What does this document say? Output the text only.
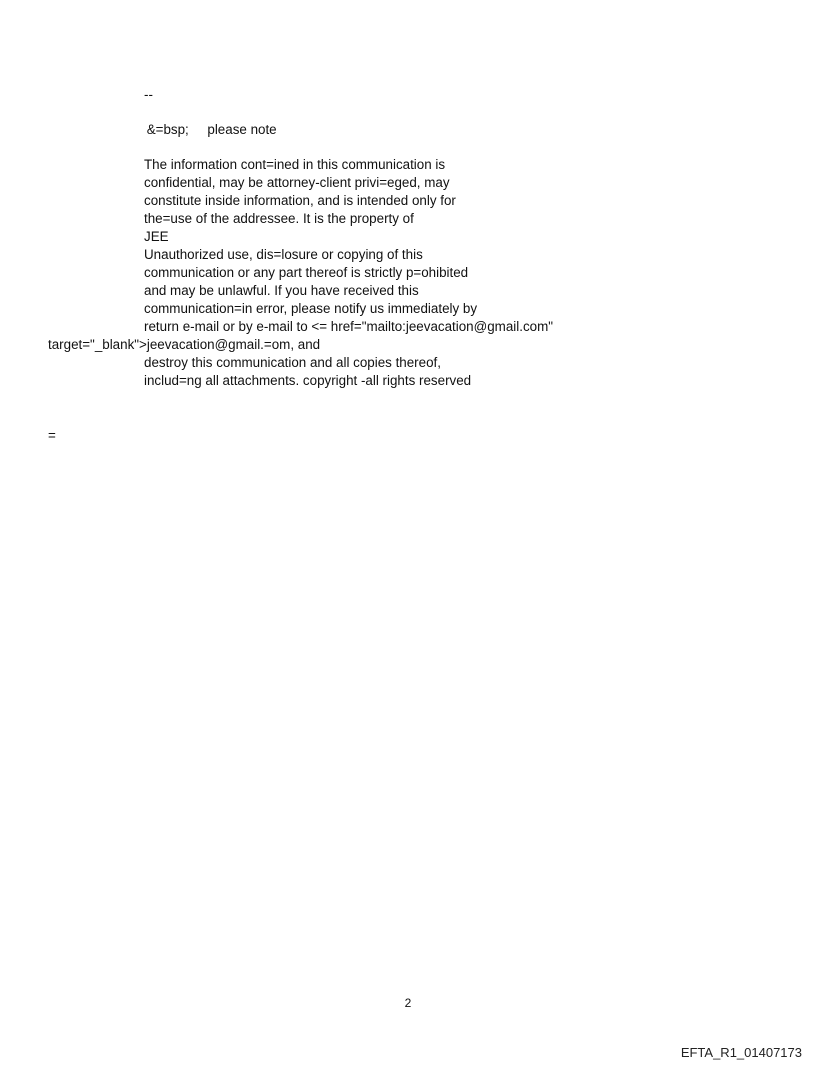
--
&=bsp;     please note
The information cont=ined in this communication is
confidential, may be attorney-client privi=eged, may
constitute inside information, and is intended only for
the=use of the addressee. It is the property of
JEE
Unauthorized use, dis=losure or copying of this
communication or any part thereof is strictly p=ohibited
and may be unlawful. If you have received this
communication=in error, please notify us immediately by
return e-mail or by e-mail to <= href="mailto:jeevacation@gmail.com"
target="_blank">jeevacation@gmail.=om, and
destroy this communication and all copies thereof,
includ=ng all attachments. copyright -all rights reserved
=
2
EFTA_R1_01407173
